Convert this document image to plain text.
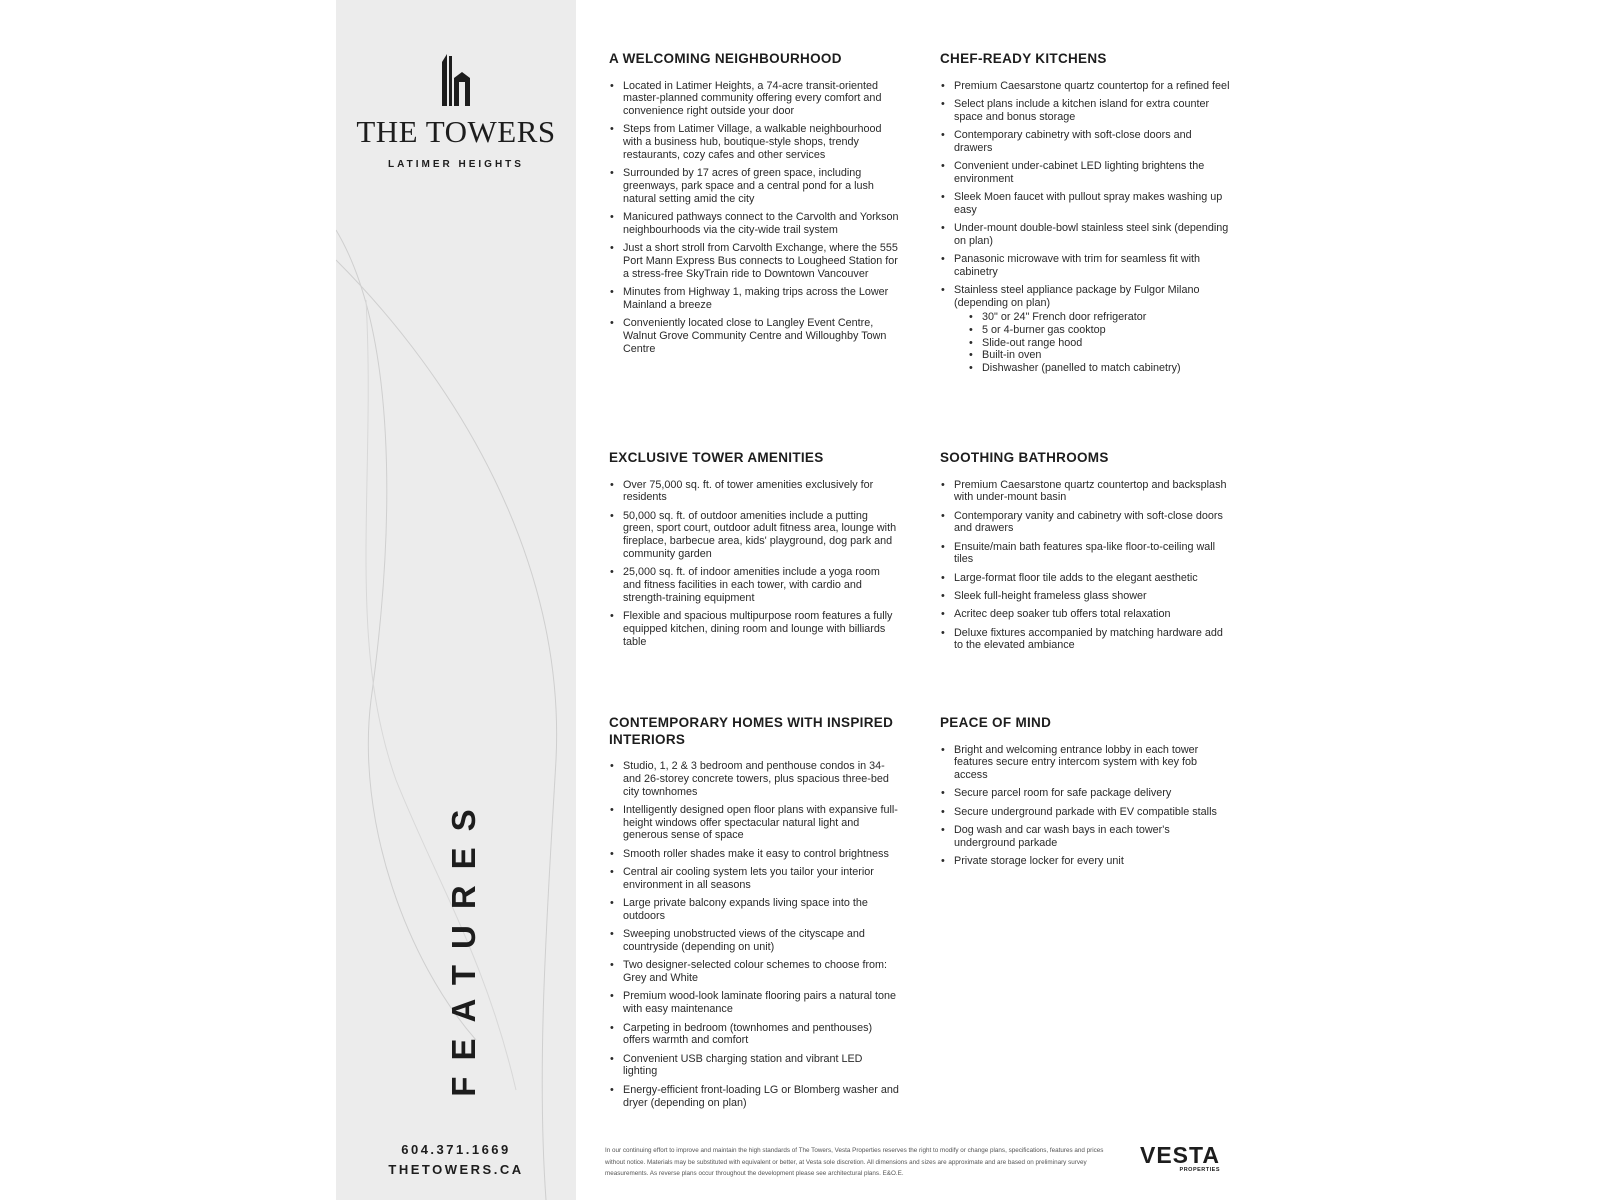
THE TOWERS
LATIMER HEIGHTS
FEATURES
604.371.1669
THETOWERS.CA
A WELCOMING NEIGHBOURHOOD
• Located in Latimer Heights, a 74-acre transit-oriented master-planned community offering every comfort and convenience right outside your door
• Steps from Latimer Village, a walkable neighbourhood with a business hub, boutique-style shops, trendy restaurants, cozy cafes and other services
• Surrounded by 17 acres of green space, including greenways, park space and a central pond for a lush natural setting amid the city
• Manicured pathways connect to the Carvolth and Yorkson neighbourhoods via the city-wide trail system
• Just a short stroll from Carvolth Exchange, where the 555 Port Mann Express Bus connects to Lougheed Station for a stress-free SkyTrain ride to Downtown Vancouver
• Minutes from Highway 1, making trips across the Lower Mainland a breeze
• Conveniently located close to Langley Event Centre, Walnut Grove Community Centre and Willoughby Town Centre
CHEF-READY KITCHENS
• Premium Caesarstone quartz countertop for a refined feel
• Select plans include a kitchen island for extra counter space and bonus storage
• Contemporary cabinetry with soft-close doors and drawers
• Convenient under-cabinet LED lighting brightens the environment
• Sleek Moen faucet with pullout spray makes washing up easy
• Under-mount double-bowl stainless steel sink (depending on plan)
• Panasonic microwave with trim for seamless fit with cabinetry
• Stainless steel appliance package by Fulgor Milano (depending on plan)
• 30" or 24" French door refrigerator
• 5 or 4-burner gas cooktop
• Slide-out range hood
• Built-in oven
• Dishwasher (panelled to match cabinetry)
EXCLUSIVE TOWER AMENITIES
• Over 75,000 sq. ft. of tower amenities exclusively for residents
• 50,000 sq. ft. of outdoor amenities include a putting green, sport court, outdoor adult fitness area, lounge with fireplace, barbecue area, kids' playground, dog park and community garden
• 25,000 sq. ft. of indoor amenities include a yoga room and fitness facilities in each tower, with cardio and strength-training equipment
• Flexible and spacious multipurpose room features a fully equipped kitchen, dining room and lounge with billiards table
SOOTHING BATHROOMS
• Premium Caesarstone quartz countertop and backsplash with under-mount basin
• Contemporary vanity and cabinetry with soft-close doors and drawers
• Ensuite/main bath features spa-like floor-to-ceiling wall tiles
• Large-format floor tile adds to the elegant aesthetic
• Sleek full-height frameless glass shower
• Acritec deep soaker tub offers total relaxation
• Deluxe fixtures accompanied by matching hardware add to the elevated ambiance
CONTEMPORARY HOMES WITH INSPIRED INTERIORS
• Studio, 1, 2 & 3 bedroom and penthouse condos in 34- and 26-storey concrete towers, plus spacious three-bed city townhomes
• Intelligently designed open floor plans with expansive full-height windows offer spectacular natural light and generous sense of space
• Smooth roller shades make it easy to control brightness
• Central air cooling system lets you tailor your interior environment in all seasons
• Large private balcony expands living space into the outdoors
• Sweeping unobstructed views of the cityscape and countryside (depending on unit)
• Two designer-selected colour schemes to choose from: Grey and White
• Premium wood-look laminate flooring pairs a natural tone with easy maintenance
• Carpeting in bedroom (townhomes and penthouses) offers warmth and comfort
• Convenient USB charging station and vibrant LED lighting
• Energy-efficient front-loading LG or Blomberg washer and dryer (depending on plan)
PEACE OF MIND
• Bright and welcoming entrance lobby in each tower features secure entry intercom system with key fob access
• Secure parcel room for safe package delivery
• Secure underground parkade with EV compatible stalls
• Dog wash and car wash bays in each tower's underground parkade
• Private storage locker for every unit
In our continuing effort to improve and maintain the high standards of The Towers, Vesta Properties reserves the right to modify or change plans, specifications, features and prices without notice. Materials may be substituted with equivalent or better, at Vesta sole discretion. All dimensions and sizes are approximate and are based on preliminary survey measurements. As reverse plans occur throughout the development please see architectural plans. E&O.E.
VESTA
PROPERTIES
